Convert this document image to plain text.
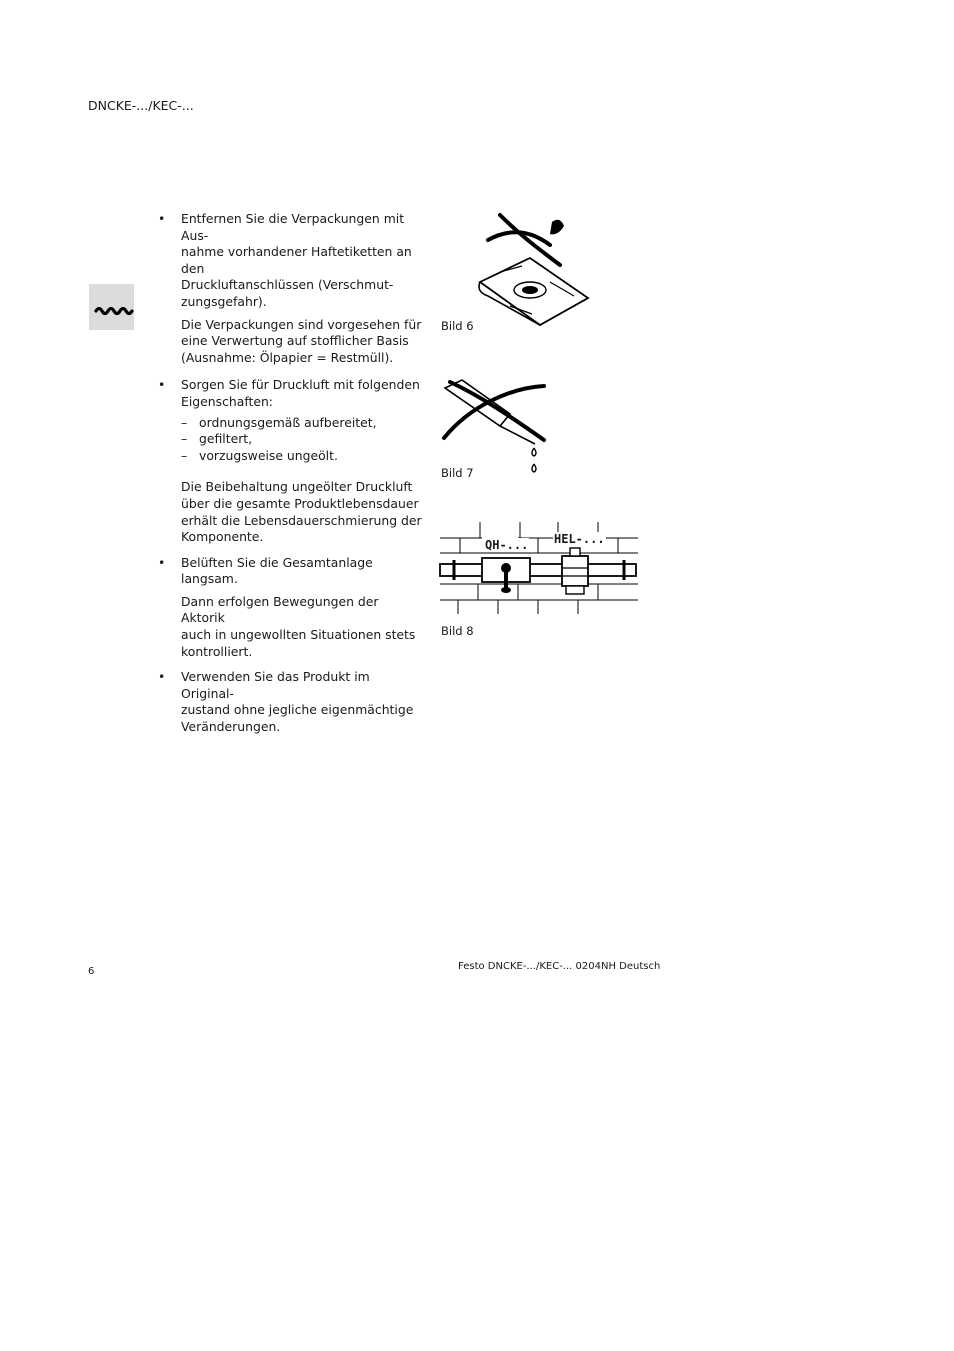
DNCKE-.../KEC-...
• Entfernen Sie die Verpackungen mit Aus-
nahme vorhandener Haftetiketten an den
Druckluftanschlüssen (Verschmut-
zungsgefahr).
Die Verpackungen sind vorgesehen für
eine Verwertung auf stofflicher Basis
(Ausnahme: Ölpapier = Restmüll).
• Sorgen Sie für Druckluft mit folgenden
Eigenschaften:
– ordnungsgemäß aufbereitet,
– gefiltert,
– vorzugsweise ungeölt.
Die Beibehaltung ungeölter Druckluft
über die gesamte Produktlebensdauer
erhält die Lebensdauerschmierung der
Komponente.
• Belüften Sie die Gesamtanlage langsam.
Dann erfolgen Bewegungen der Aktorik
auch in ungewollten Situationen stets
kontrolliert.
• Verwenden Sie das Produkt im Original-
zustand ohne jegliche eigenmächtige
Veränderungen.
Bild 6
Bild 7
QH-... HEL-...
Bild 8
6	Festo DNCKE-.../KEC-... 0204NH Deutsch
